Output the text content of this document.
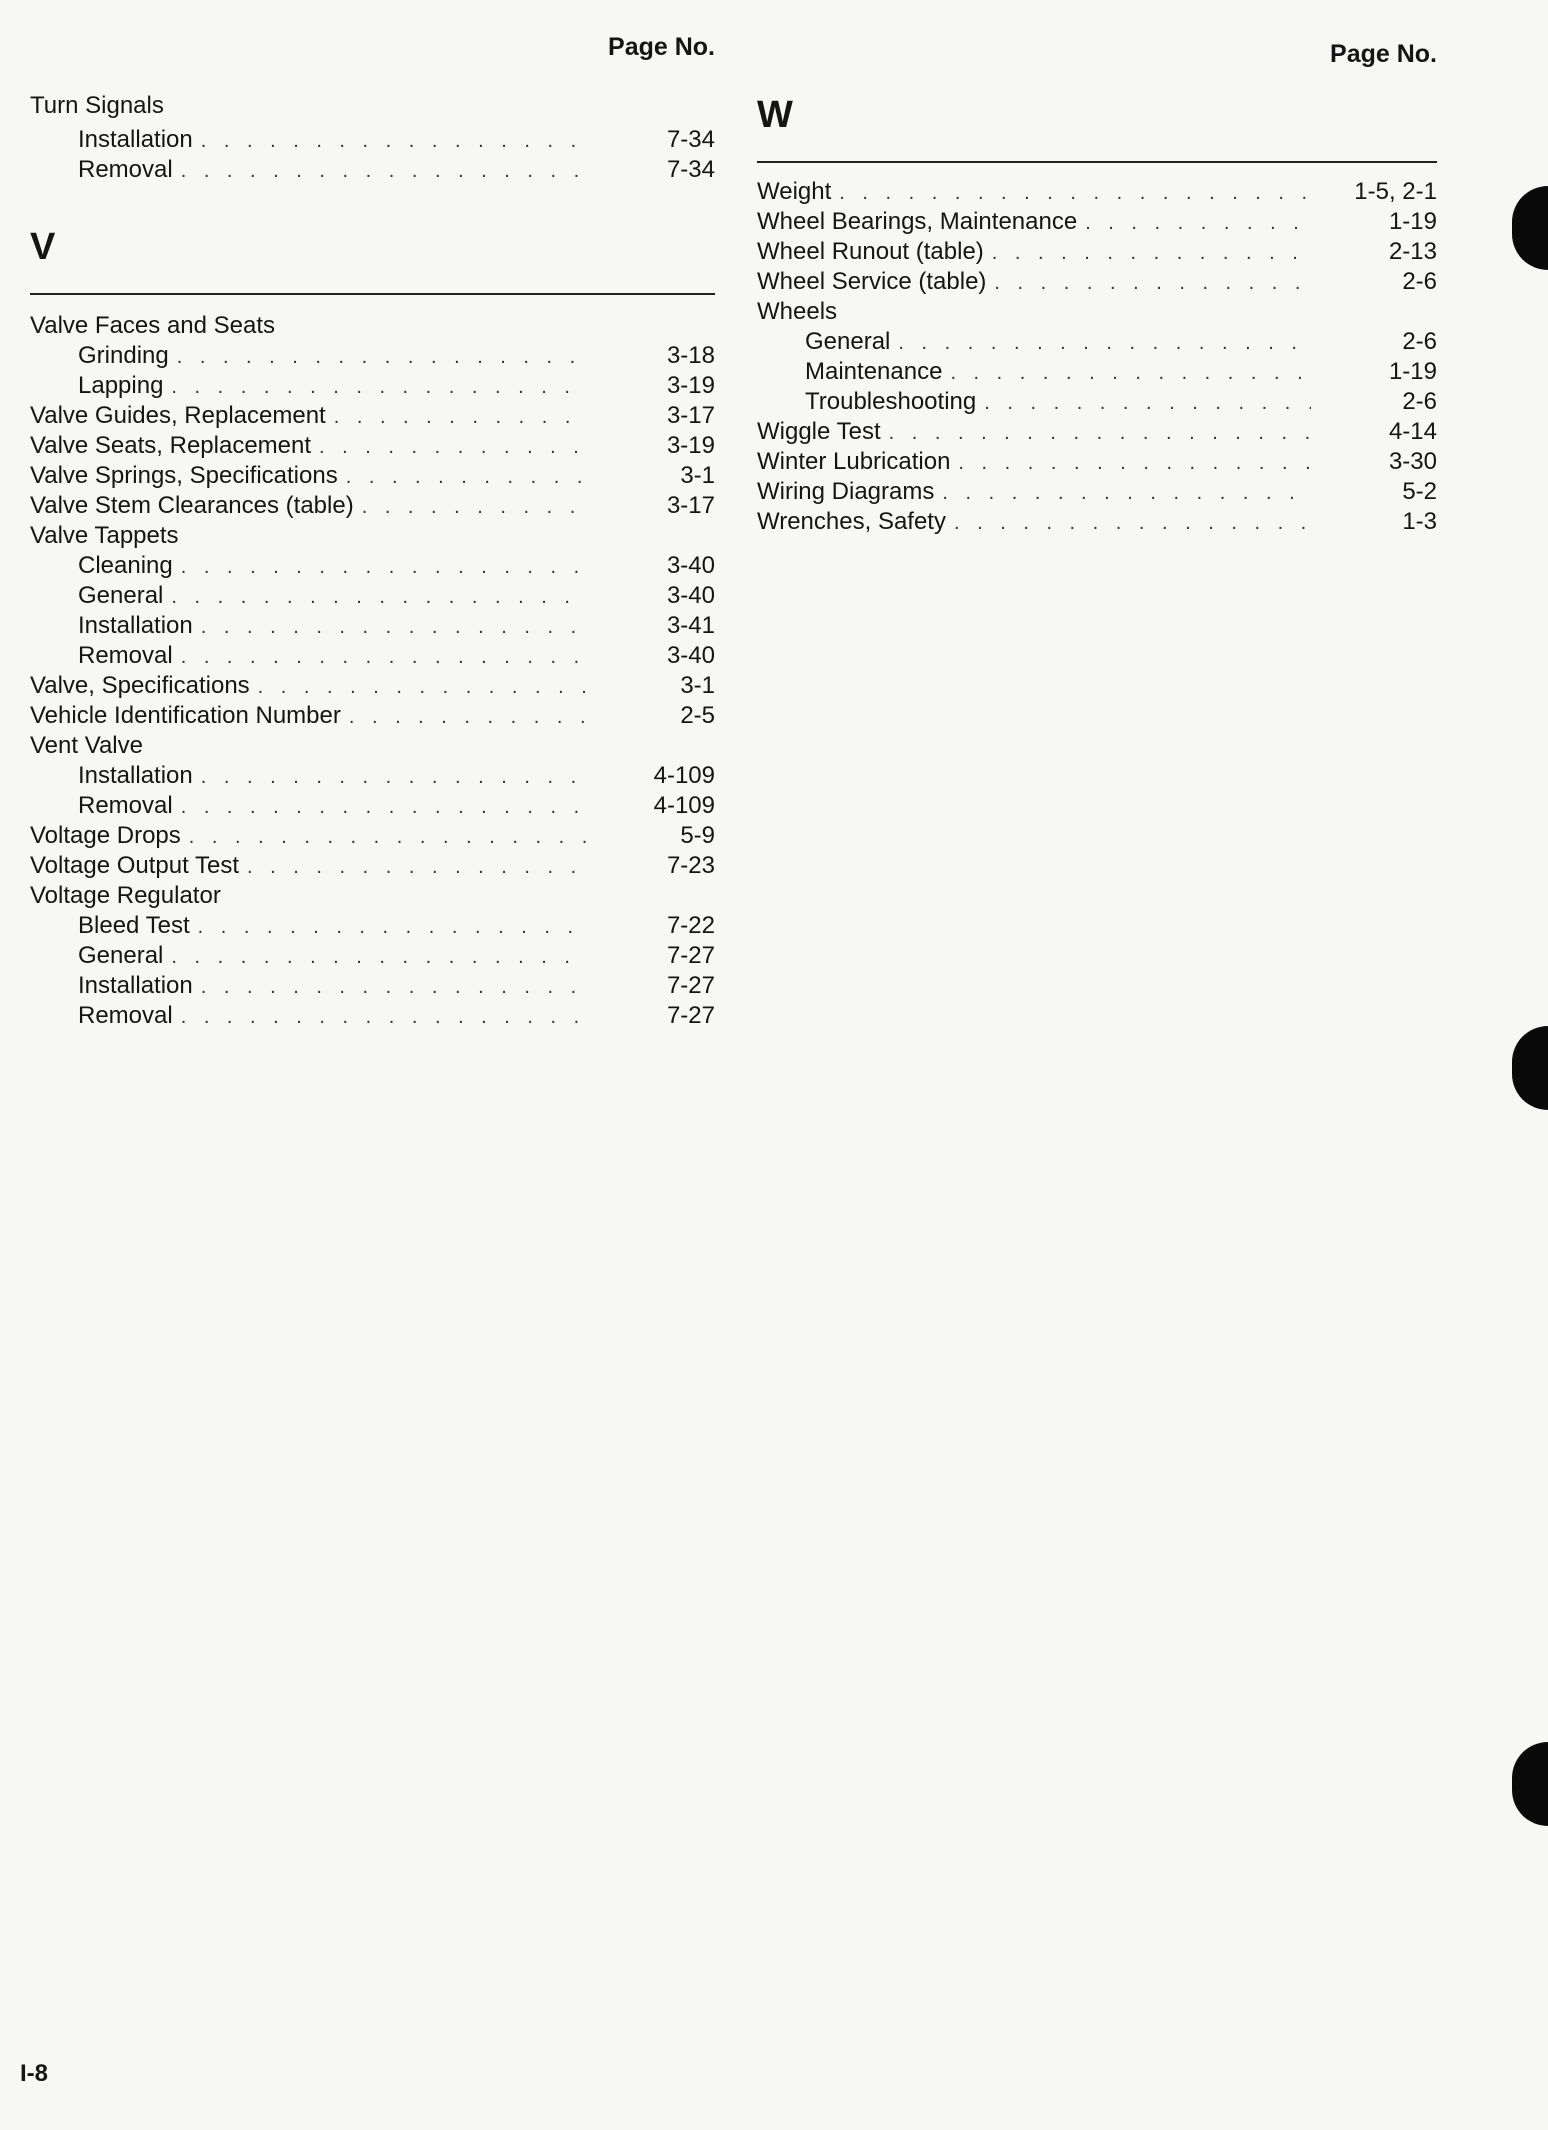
Page No.
Turn Signals
Installation . . .	7-34
Removal . . .	7-34
V
Valve Faces and Seats
Grinding . . .	3-18
Lapping . . .	3-19
Valve Guides, Replacement . . .	3-17
Valve Seats, Replacement . . .	3-19
Valve Springs, Specifications . . .	3-1
Valve Stem Clearances (table) . . .	3-17
Valve Tappets
Cleaning . . .	3-40
General . . .	3-40
Installation . . .	3-41
Removal . . .	3-40
Valve, Specifications . . .	3-1
Vehicle Identification Number . . .	2-5
Vent Valve
Installation . . .	4-109
Removal . . .	4-109
Voltage Drops . . .	5-9
Voltage Output Test . . .	7-23
Voltage Regulator
Bleed Test . . .	7-22
General . . .	7-27
Installation . . .	7-27
Removal . . .	7-27
Page No.
W
Weight . . .	1-5, 2-1
Wheel Bearings, Maintenance . . .	1-19
Wheel Runout (table) . . .	2-13
Wheel Service (table) . . .	2-6
Wheels
General . . .	2-6
Maintenance . . .	1-19
Troubleshooting . . .	2-6
Wiggle Test . . .	4-14
Winter Lubrication . . .	3-30
Wiring Diagrams . . .	5-2
Wrenches, Safety . . .	1-3
I-8
